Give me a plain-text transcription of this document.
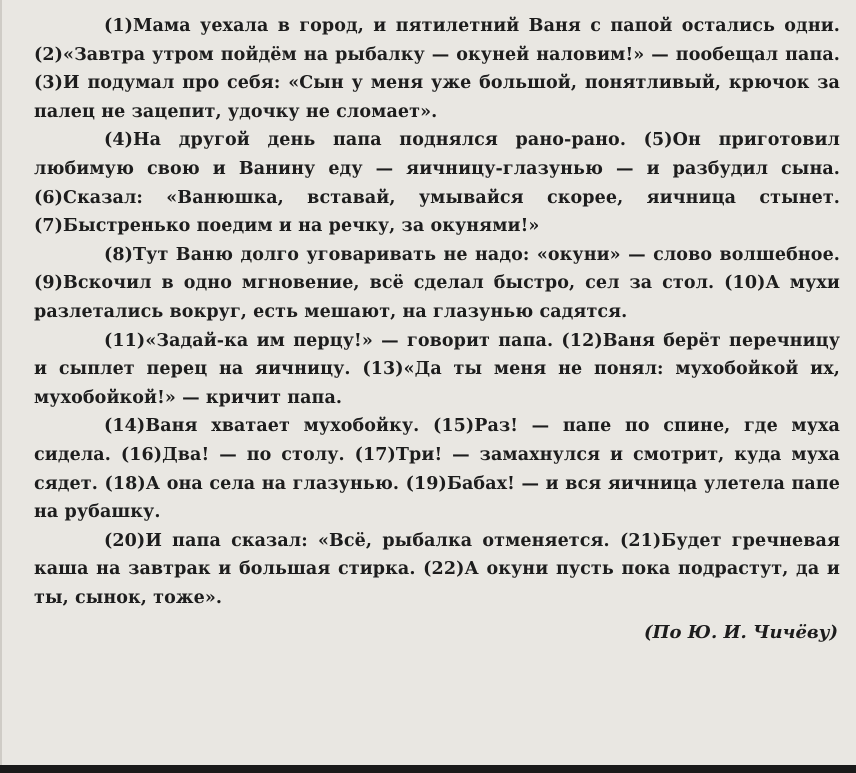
(1)Мама уехала в город, и пятилетний Ваня с папой остались одни. (2)«Завтра утром пойдём на рыбалку — окуней наловим!» — пообещал папа. (3)И подумал про себя: «Сын у меня уже большой, понятливый, крючок за палец не зацепит, удочку не сломает».

(4)На другой день папа поднялся рано-рано. (5)Он приготовил любимую свою и Ванину еду — яичницу-глазунью — и разбудил сына. (6)Сказал: «Ванюшка, вставай, умывайся скорее, яичница стынет. (7)Быстренько поедим и на речку, за окунями!»

(8)Тут Ваню долго уговаривать не надо: «окуни» — слово волшебное. (9)Вскочил в одно мгновение, всё сделал быстро, сел за стол. (10)А мухи разлетались вокруг, есть мешают, на глазунью садятся.

(11)«Задай-ка им перцу!» — говорит папа. (12)Ваня берёт перечницу и сыплет перец на яичницу. (13)«Да ты меня не понял: мухобойкой их, мухобойкой!» — кричит папа.

(14)Ваня хватает мухобойку. (15)Раз! — папе по спине, где муха сидела. (16)Два! — по столу. (17)Три! — замахнулся и смотрит, куда муха сядет. (18)А она села на глазунью. (19)Бабах! — и вся яичница улетела папе на рубашку.

(20)И папа сказал: «Всё, рыбалка отменяется. (21)Будет гречневая каша на завтрак и большая стирка. (22)А окуни пусть пока подрастут, да и ты, сынок, тоже».

(По Ю. И. Чичёву)
